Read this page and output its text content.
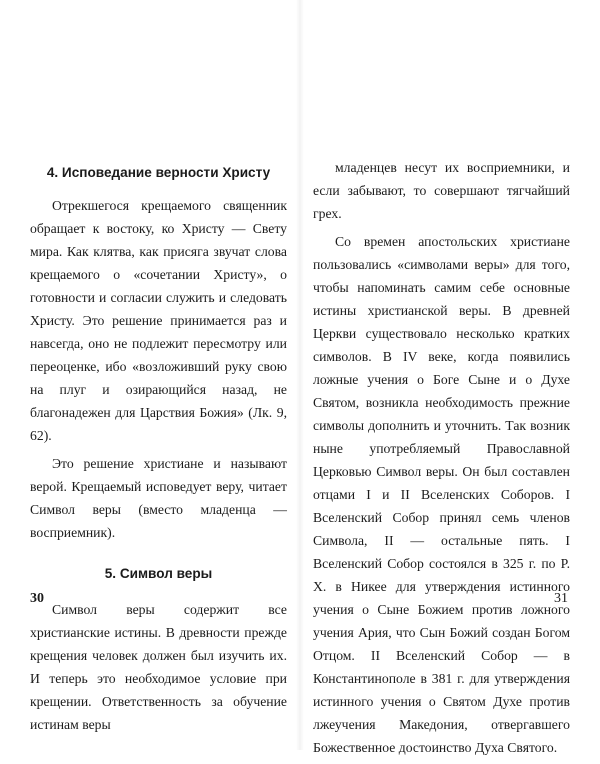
4. Исповедание верности Христу

Отрекшегося крещаемого священник обращает к востоку, ко Христу — Свету мира. Как клятва, как присяга звучат слова крещаемого о «сочетании Христу», о готовности и согласии служить и следовать Христу. Это решение принимается раз и навсегда, оно не подлежит пересмотру или переоценке, ибо «возложивший руку свою на плуг и озирающийся назад, не благонадежен для Царствия Божия» (Лк. 9, 62).

Это решение христиане и называют верой. Крещаемый исповедует веру, читает Символ веры (вместо младенца — восприемник).

5. Символ веры

Символ веры содержит все христианские истины. В древности прежде крещения человек должен был изучить их. И теперь это необходимое условие при крещении. Ответственность за обучение истинам веры

30

младенцев несут их восприемники, и если забывают, то совершают тягчайший грех.

Со времен апостольских христиане пользовались «символами веры» для того, чтобы напоминать самим себе основные истины христианской веры. В древней Церкви существовало несколько кратких символов. В IV веке, когда появились ложные учения о Боге Сыне и о Духе Святом, возникла необходимость прежние символы дополнить и уточнить. Так возник ныне употребляемый Православной Церковью Символ веры. Он был составлен отцами I и II Вселенских Соборов. I Вселенский Собор принял семь членов Символа, II — остальные пять. I Вселенский Собор состоялся в 325 г. по Р. Х. в Никее для утверждения истинного учения о Сыне Божием против ложного учения Ария, что Сын Божий создан Богом Отцом. II Вселенский Собор — в Константинополе в 381 г. для утверждения истинного учения о Святом Духе против лжеучения Македония, отвергавшего Божественное достоинство Духа Святого.

31
